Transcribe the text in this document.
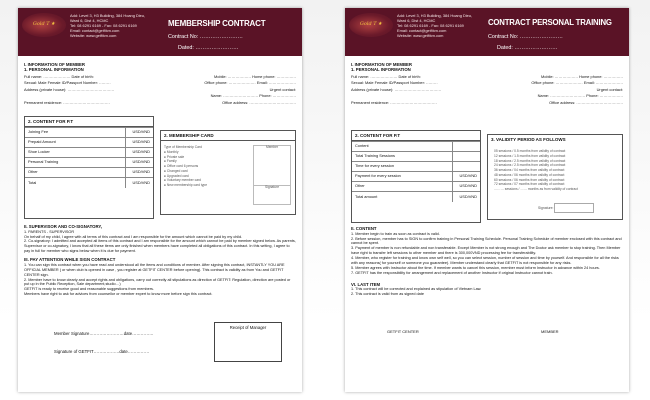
Gold T ★
Add: Level 3, H3 Building, 384 Hoang Dieu,
Ward 6, Dist 4, HCMC
Tel: 08 6291 6169 - Fax: 08 6291 6169
Email: contact@getfitvn.com
Website: www.getfitvn.com
MEMBERSHIP CONTRACT
Contract No: ……………………
Dated: ……………………
I. INFORMATION OF MEMBER
1. PERSONAL INFORMATION
Full name: ………………… Date of birth:	Mobile: ……………… Home phone: ……………
Sexual: Male Female ID/Passport Number: ………	Office phone: ………………… Email: …………………
Address (private house): ………………………………	Urgent contact:
Name: ……………………… Phone: ………………
Permanent residence: ………………………………	Office address: ………………………………
2. CONTENT FOR P.T
Joining Fee	USD/VND
Prepaid Amount	USD/VND
Shoe Locker	USD/VND
Personal Training	USD/VND
Other	USD/VND
Total	USD/VND
2. MEMBERSHIP CARD
Type of Membership Card
● Monthly
● Private sale
● Family
● Office card 6 persons
● Changed card
● Upgraded card
● Voluntary member card
● New membership card type
Member
Signature
II. SUPERVISOR AND CO-SIGNATORY,
1. PARENTS - SUPERVISOR
On behalf of my child, I agree with all terms of this contract and I am responsible for the amount which cannot be paid by my child.
2. Co-signatory: I admitted and accepted all items of this contract and I am responsible for the amount which cannot be paid by member signed below. As parents, Supervisor or co-signatory, I know that all these items are only finished when members have completed all obligations of this contract. In this writing, I agree to pay in full for member who signs below when it is due for payment.
III. PAY ATTENTION WHILE SIGN CONTRACT
1. You can sign this contract when you have read and understood all the items and conditions of member. After signing this contract, INSTANTLY YOU ARE OFFICIAL MEMBER ( or when club is opened in case , you register at GETFIT CENTER before opening). This contract is validity as from You and GETFIT CENTER sign.
2. Member have to know clearly and accept rights and obligations, carry out correctly all stipulations as direction of GETFIT: Regulation, direction are posted or put up in the Public Reception, Sale department,studio…)
GETFIT is ready to receive good and reasonable suggestions from members.
Members have right to ask for advices from counsellor or member expert to know more before sign this contract.
Member Signature……………………date……………
Signature of GETFIT………………date……………
Receipt of Manager
Gold T ★
Add: Level 3, H3 Building, 384 Hoang Dieu,
Ward 6, Dist 4, HCMC
Tel: 08 6291 6169 - Fax: 08 6291 6169
Email: contact@getfitvn.com
Website: www.getfitvn.com
CONTRACT PERSONAL TRAINING
Contract No: ……………………
Dated: ……………………
I. INFORMATION OF MEMBER
1. PERSONAL INFORMATION
Full name: ………………… Date of birth:	Mobile: ……………… Home phone: ……………
Sexual: Male Female ID/Passport Number: ………	Office phone: ………………… Email: …………………
Address (private house): ………………………………	Urgent contact:
Name: ……………………… Phone: ………………
Permanent residence: ………………………………	Office address: ………………………………
2. CONTENT FOR P.T
Content	
Total Training Sessions	
Time for every session	
Payment for every session	USD/VND
Other	USD/VND
Total amount	USD/VND
3. VALIDITY PERIOD AS FOLLOWS
05 sessions / 0.5 months from validity of contract
12 sessions / 1.5 months from validity of contract
18 sessions / 2.5 months from validity of contract
24 sessions / 2.5 months from validity of contract
36 sessions / 04 months from validity of contract
48 sessions / 06 months from validity of contract
60 sessions / 06 months from validity of contract
72 sessions / 07 months from validity of contract
……… sessions / …… months as from validity of contract
Signature:
II. CONTENT
1. Member begin to train as soon as contract is valid.
2. Before session, member has to SIGN to confirm training in Personal Training Schedule. Personal Training Schedule of member enclosed with this contract and cannot be spent.
3. Payment of member is non refundable and non transferable. Except Member is not strong enough and The Doctor ask member to stop training. Then Member have right to transfer left sessions to other member and there is 300,000VND processing fee for transferability.
4. Member, who register for training and know own self well, so you can select session, number of session and time by yourself. And responsible for all the risks with any reasons( for yourself or someone you guarantee). Member understand clearly that GETFIT is not responsible for any risks.
5. Member agrees with Instructor about the time. If member wants to cancel this session, member must inform Instructor in advance within 24 hours.
7. GETFIT has the responsibility for arrangement and replacement of another Instructor if original Instructor cannot train.
VI. LAST ITEM
1. This contract will be corrected and explained as stipulation of Vietnam Law.
2. This contract is valid from as signed date
GETFIT CENTER	MEMBER
